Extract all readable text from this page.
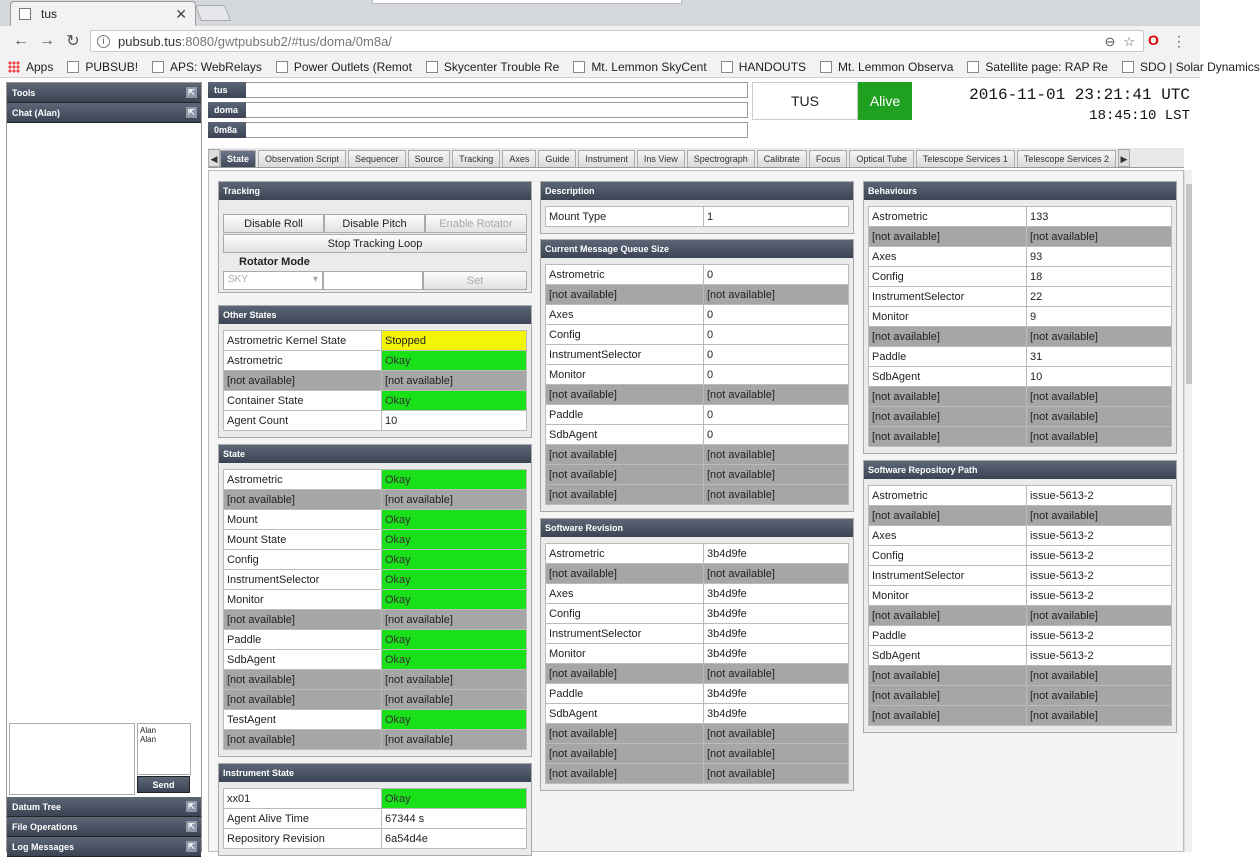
tus	✕
← → ↻	i	pubsub.tus :8080/gwtpubsub2/#tus/doma/0m8a/	⊖ ☆ O ⋮
Apps	PUBSUB!	APS: WebRelays	Power Outlets (Remot	Skycenter Trouble Re	Mt. Lemmon SkyCent	HANDOUTS	Mt. Lemmon Observa	Satellite page: RAP Re	SDO | Solar Dynamics
Tools	⇱
Chat (Alan)	⇱
Alan
Alan
Send
Datum Tree	⇱
File Operations	⇱
Log Messages	⇱
tus
doma
0m8a
TUS	Alive	2016-11-01 23:21:41 UTC
18:45:10 LST
◀	State	Observation Script	Sequencer	Source	Tracking	Axes	Guide	Instrument	Ins View	Spectrograph	Calibrate	Focus	Optical Tube	Telescope Services 1	Telescope Services 2	▶
Tracking
Disable Roll	Disable Pitch	Enable Rotator
Stop Tracking Loop
Rotator Mode
SKY	▾	Set
Other States
Astrometric Kernel State	Stopped
Astrometric	Okay
[not available]	[not available]
Container State	Okay
Agent Count	10
State
Astrometric	Okay
[not available]	[not available]
Mount	Okay
Mount State	Okay
Config	Okay
InstrumentSelector	Okay
Monitor	Okay
[not available]	[not available]
Paddle	Okay
SdbAgent	Okay
[not available]	[not available]
[not available]	[not available]
TestAgent	Okay
[not available]	[not available]
Instrument State
xx01	Okay
Agent Alive Time	67344 s
Repository Revision	6a54d4e
Description
Mount Type	1
Current Message Queue Size
Astrometric	0
[not available]	[not available]
Axes	0
Config	0
InstrumentSelector	0
Monitor	0
[not available]	[not available]
Paddle	0
SdbAgent	0
[not available]	[not available]
[not available]	[not available]
[not available]	[not available]
Software Revision
Astrometric	3b4d9fe
[not available]	[not available]
Axes	3b4d9fe
Config	3b4d9fe
InstrumentSelector	3b4d9fe
Monitor	3b4d9fe
[not available]	[not available]
Paddle	3b4d9fe
SdbAgent	3b4d9fe
[not available]	[not available]
[not available]	[not available]
[not available]	[not available]
Behaviours
Astrometric	133
[not available]	[not available]
Axes	93
Config	18
InstrumentSelector	22
Monitor	9
[not available]	[not available]
Paddle	31
SdbAgent	10
[not available]	[not available]
[not available]	[not available]
[not available]	[not available]
Software Repository Path
Astrometric	issue-5613-2
[not available]	[not available]
Axes	issue-5613-2
Config	issue-5613-2
InstrumentSelector	issue-5613-2
Monitor	issue-5613-2
[not available]	[not available]
Paddle	issue-5613-2
SdbAgent	issue-5613-2
[not available]	[not available]
[not available]	[not available]
[not available]	[not available]
